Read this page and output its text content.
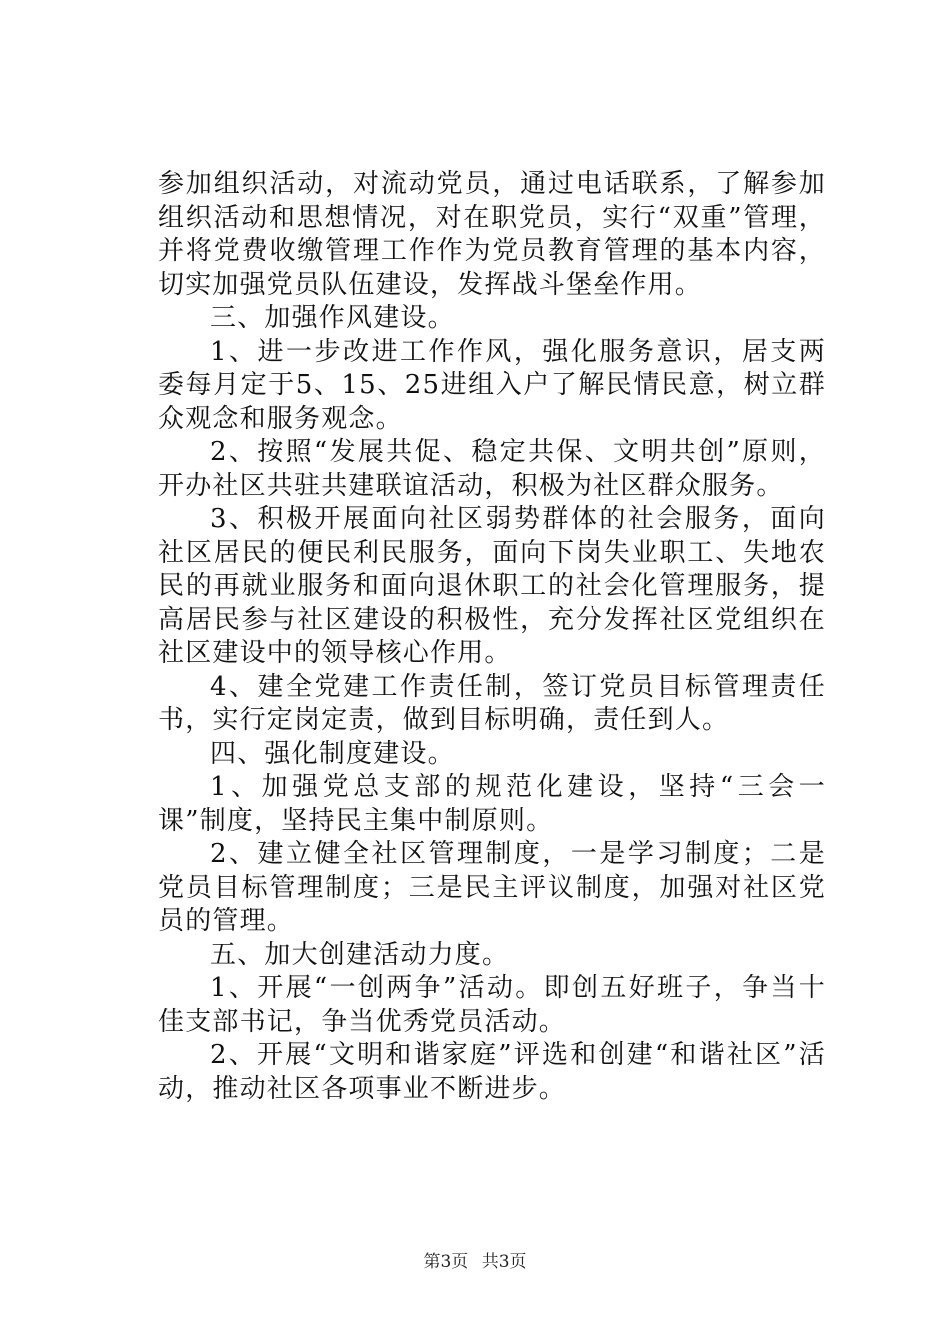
参加组织活动，对流动党员，通过电话联系，了解参加组织活动和思想情况，对在职党员，实行“双重”管理，并将党费收缴管理工作作为党员教育管理的基本内容，切实加强党员队伍建设，发挥战斗堡垒作用。

三、加强作风建设。

1、进一步改进工作作风，强化服务意识，居支两委每月定于5、15、25进组入户了解民情民意，树立群众观念和服务观念。

2、按照“发展共促、稳定共保、文明共创”原则，开办社区共驻共建联谊活动，积极为社区群众服务。

3、积极开展面向社区弱势群体的社会服务，面向社区居民的便民利民服务，面向下岗失业职工、失地农民的再就业服务和面向退休职工的社会化管理服务，提高居民参与社区建设的积极性，充分发挥社区党组织在社区建设中的领导核心作用。

4、建全党建工作责任制，签订党员目标管理责任书，实行定岗定责，做到目标明确，责任到人。

四、强化制度建设。

1、加强党总支部的规范化建设，坚持“三会一课”制度，坚持民主集中制原则。

2、建立健全社区管理制度，一是学习制度；二是党员目标管理制度；三是民主评议制度，加强对社区党员的管理。

五、加大创建活动力度。

1、开展“一创两争”活动。即创五好班子，争当十佳支部书记，争当优秀党员活动。

2、开展“文明和谐家庭”评选和创建“和谐社区”活动，推动社区各项事业不断进步。

第3页 共3页
